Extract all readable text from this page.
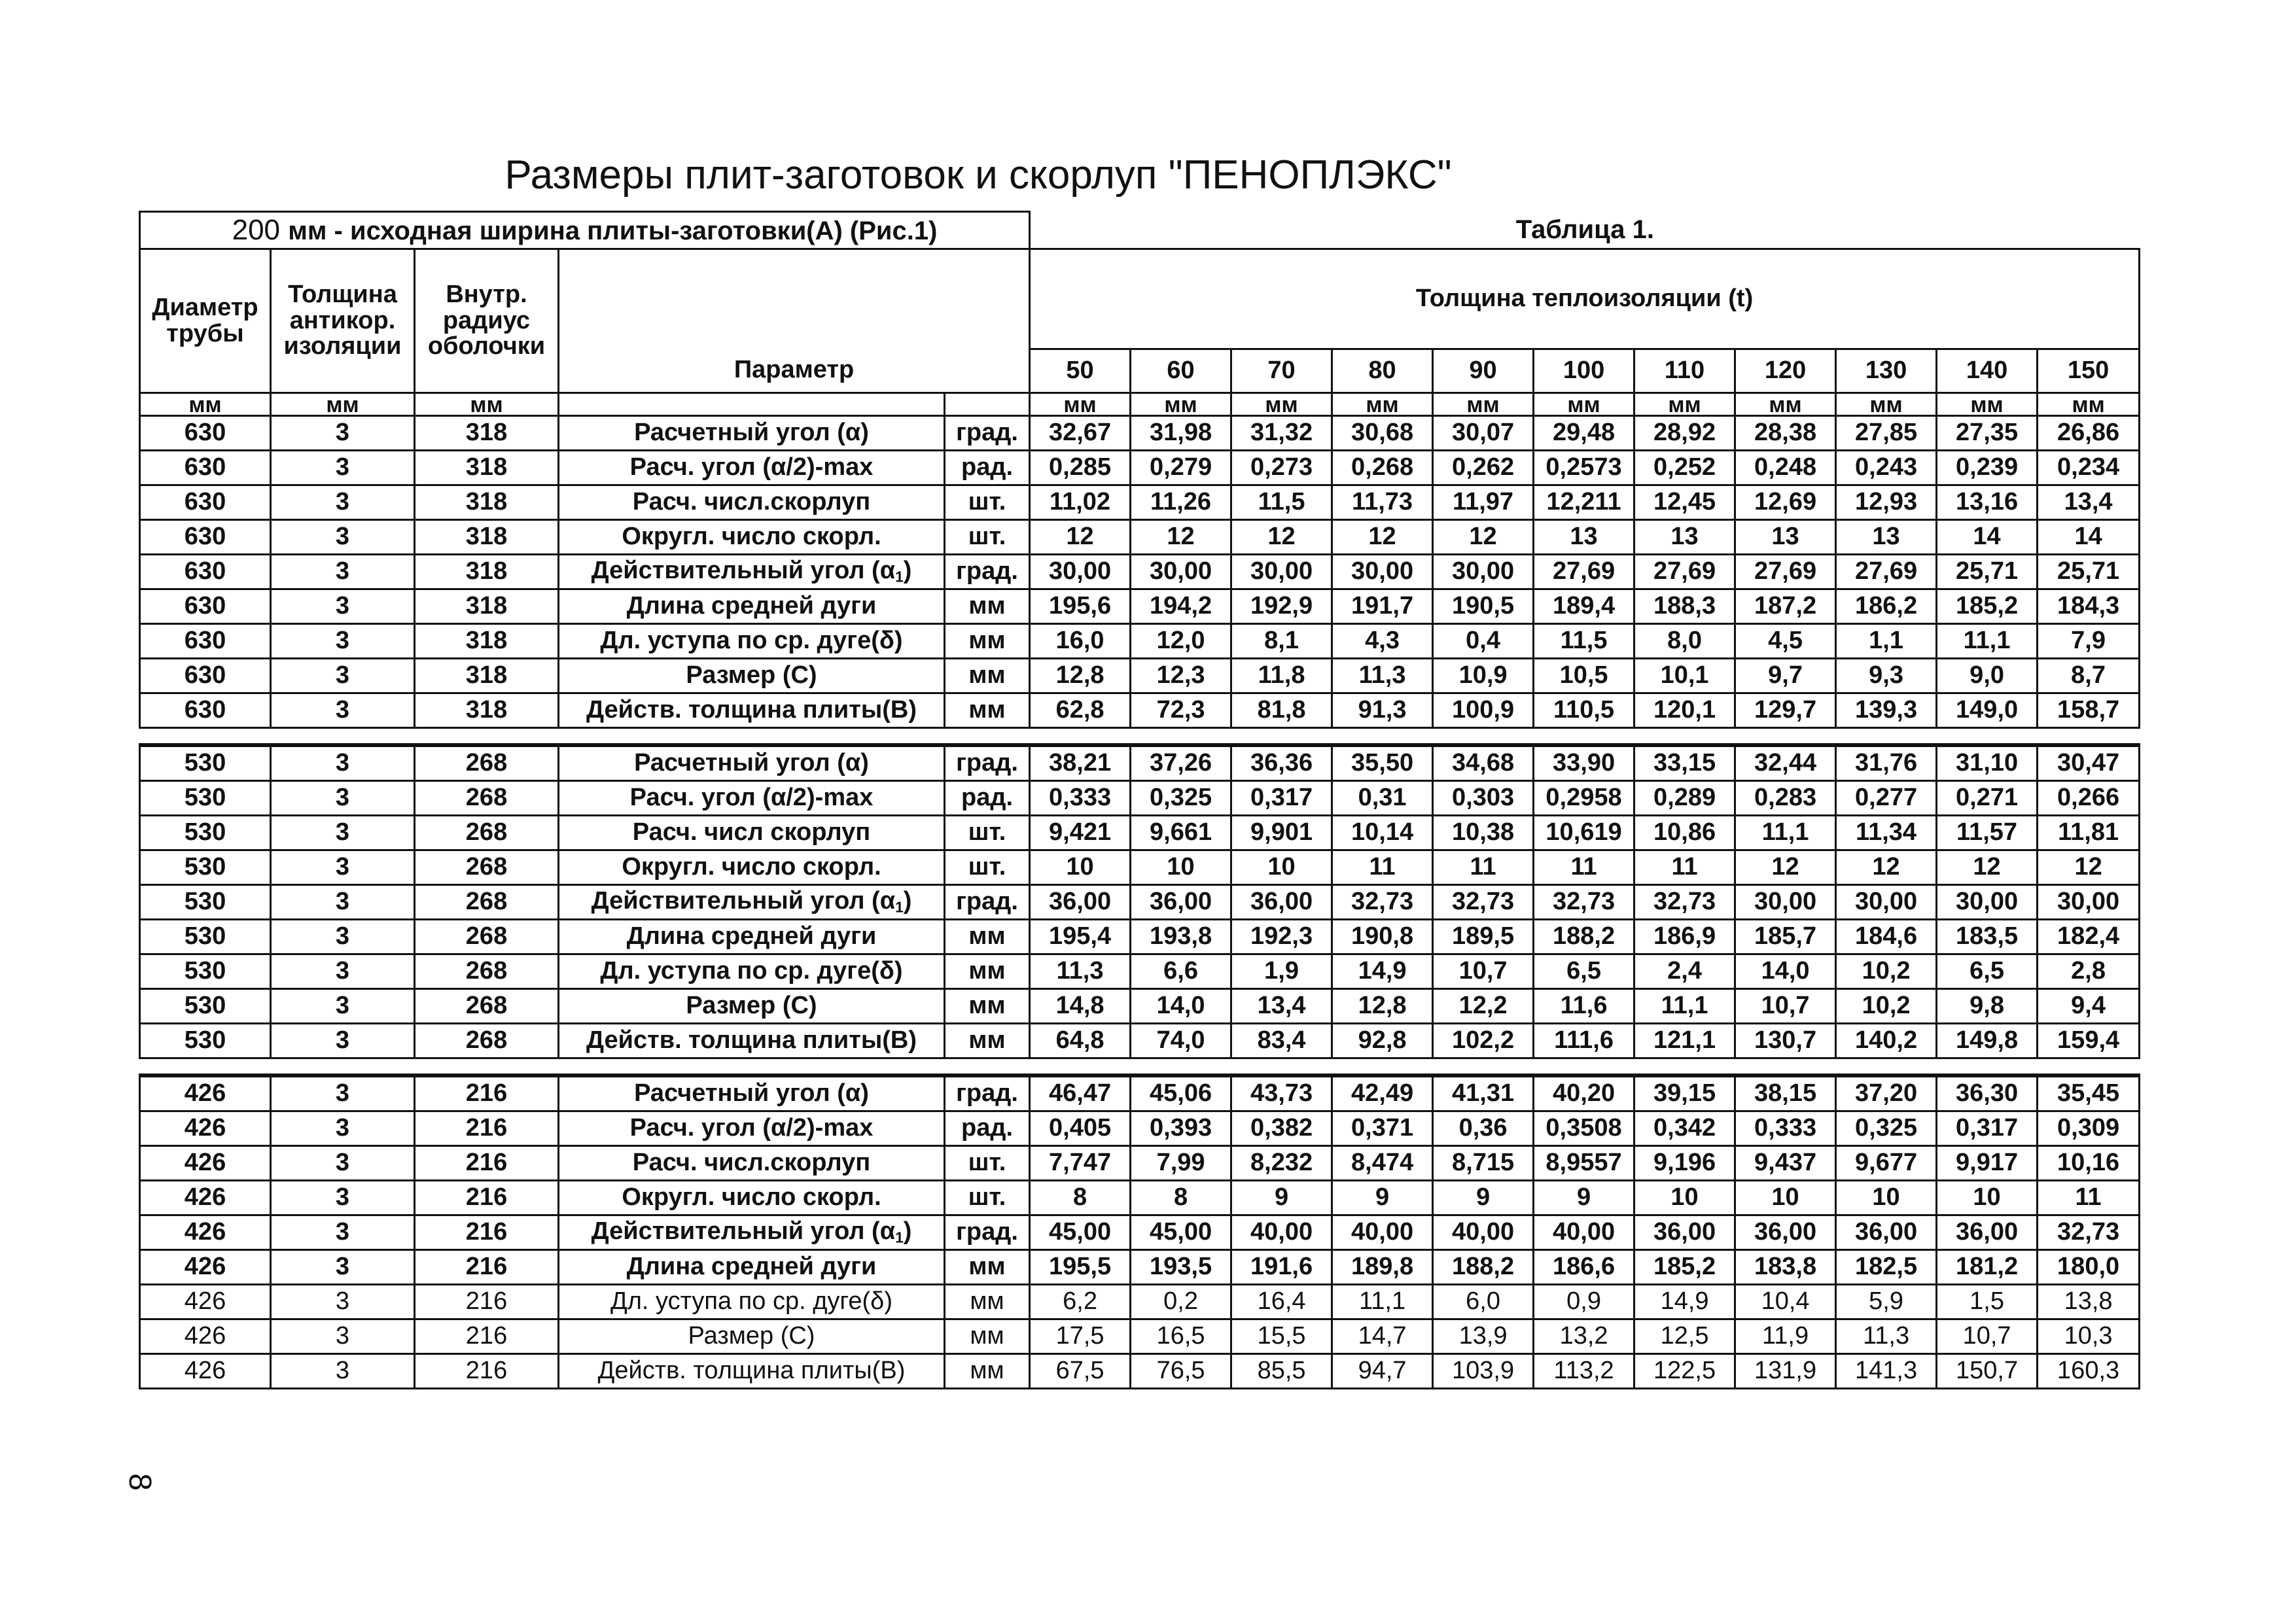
Размеры плит-заготовок и скорлуп "ПЕНОПЛЭКС"
200 мм - исходная ширина плиты-заготовки(А) (Рис.1)					Таблица 1.										
Диаметр трубы	Толщина антикор. изоляции	Внутр. радиус оболочки			Толщина теплоизоляции (t)										
			Параметр		50	60	70	80	90	100	110	120	130	140	150
мм	мм	мм			мм	мм	мм	мм	мм	мм	мм	мм	мм	мм	мм
630	3	318	Расчетный угол (α)	град.	32,67	31,98	31,32	30,68	30,07	29,48	28,92	28,38	27,85	27,35	26,86
630	3	318	Расч. угол (α/2)-max	рад.	0,285	0,279	0,273	0,268	0,262	0,2573	0,252	0,248	0,243	0,239	0,234
630	3	318	Расч. числ.скорлуп	шт.	11,02	11,26	11,5	11,73	11,97	12,211	12,45	12,69	12,93	13,16	13,4
630	3	318	Округл. число скорл.	шт.	12	12	12	12	12	13	13	13	13	14	14
630	3	318	Действительный угол $(\alpha_1)$	град.	30,00	30,00	30,00	30,00	30,00	27,69	27,69	27,69	27,69	25,71	25,71
630	3	318	Длина средней дуги	мм	195,6	194,2	192,9	191,7	190,5	189,4	188,3	187,2	186,2	185,2	184,3
630	3	318	Дл. уступа по ср. дуге(δ)	мм	16,0	12,0	8,1	4,3	0,4	11,5	8,0	4,5	1,1	11,1	7,9
630	3	318	Размер (С)	мм	12,8	12,3	11,8	11,3	10,9	10,5	10,1	9,7	9,3	9,0	8,7
630	3	318	Действ. толщина плиты(В)	мм	62,8	72,3	81,8	91,3	100,9	110,5	120,1	129,7	139,3	149,0	158,7

530	3	268	Расчетный угол (α)	град.	38,21	37,26	36,36	35,50	34,68	33,90	33,15	32,44	31,76	31,10	30,47
530	3	268	Расч. угол (α/2)-max	рад.	0,333	0,325	0,317	0,31	0,303	0,2958	0,289	0,283	0,277	0,271	0,266
530	3	268	Расч. числ скорлуп	шт.	9,421	9,661	9,901	10,14	10,38	10,619	10,86	11,1	11,34	11,57	11,81
530	3	268	Округл. число скорл.	шт.	10	10	10	11	11	11	11	12	12	12	12
530	3	268	Действительный угол $(\alpha_1)$	град.	36,00	36,00	36,00	32,73	32,73	32,73	32,73	30,00	30,00	30,00	30,00
530	3	268	Длина средней дуги	мм	195,4	193,8	192,3	190,8	189,5	188,2	186,9	185,7	184,6	183,5	182,4
530	3	268	Дл. уступа по ср. дуге(δ)	мм	11,3	6,6	1,9	14,9	10,7	6,5	2,4	14,0	10,2	6,5	2,8
530	3	268	Размер (С)	мм	14,8	14,0	13,4	12,8	12,2	11,6	11,1	10,7	10,2	9,8	9,4
530	3	268	Действ. толщина плиты(В)	мм	64,8	74,0	83,4	92,8	102,2	111,6	121,1	130,7	140,2	149,8	159,4

426	3	216	Расчетный угол (α)	град.	46,47	45,06	43,73	42,49	41,31	40,20	39,15	38,15	37,20	36,30	35,45
426	3	216	Расч. угол (α/2)-max	рад.	0,405	0,393	0,382	0,371	0,36	0,3508	0,342	0,333	0,325	0,317	0,309
426	3	216	Расч. числ.скорлуп	шт.	7,747	7,99	8,232	8,474	8,715	8,9557	9,196	9,437	9,677	9,917	10,16
426	3	216	Округл. число скорл.	шт.	8	8	9	9	9	9	10	10	10	10	11
426	3	216	Действительный угол $(\alpha_1)$	град.	45,00	45,00	40,00	40,00	40,00	40,00	36,00	36,00	36,00	36,00	32,73
426	3	216	Длина средней дуги	мм	195,5	193,5	191,6	189,8	188,2	186,6	185,2	183,8	182,5	181,2	180,0
426	3	216	Дл. уступа по ср. дуге(δ)	мм	6,2	0,2	16,4	11,1	6,0	0,9	14,9	10,4	5,9	1,5	13,8
426	3	216	Размер (С)	мм	17,5	16,5	15,5	14,7	13,9	13,2	12,5	11,9	11,3	10,7	10,3
426	3	216	Действ. толщина плиты(В)	мм	67,5	76,5	85,5	94,7	103,9	113,2	122,5	131,9	141,3	150,7	160,3
8
